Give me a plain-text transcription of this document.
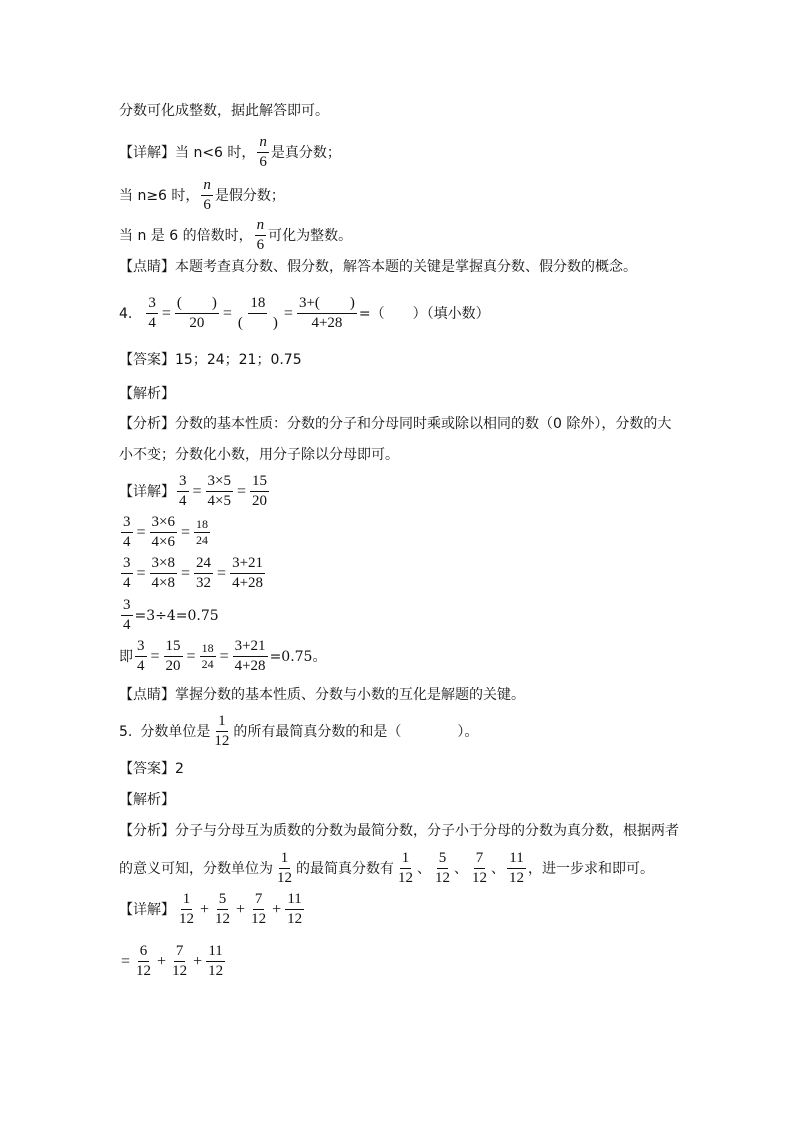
分数可化成整数，据此解答即可。
【详解】 当 n<6 时， $\frac{n}{6}$ 是真分数；
当 n≥6 时， $\frac{n}{6}$ 是假分数；
当 n 是 6 的倍数时， $\frac{n}{6}$ 可化为整数。
【点睛】本题考查真分数、假分数，解答本题的关键是掌握真分数、假分数的概念。
4. $\frac{3}{4} = \frac{( )}{20} = \frac{18}{( )} = \frac{3+( )}{4+28}$ =（　　）（填小数）
【答案】15；24；21；0.75
【解析】
【分析】分数的基本性质：分数的分子和分母同时乘或除以相同的数（0 除外），分数的大
小不变；分数化小数，用分子除以分母即可。
【详解】 $\frac{3}{4} = \frac{3\times 5}{4\times 5} = \frac{15}{20}$
$\frac{3}{4} = \frac{3\times 6}{4\times 6} = \frac{18}{24}$
$\frac{3}{4} = \frac{3\times 8}{4\times 8} = \frac{24}{32} = \frac{3+21}{4+28}$
$\frac{3}{4} =3\div 4=0.75$
即 $\frac{3}{4} = \frac{15}{20} = \frac{18}{24} = \frac{3+21}{4+28} =0.75$。
【点睛】掌握分数的基本性质、分数与小数的互化是解题的关键。
5. 分数单位是 $\frac{1}{12}$ 的所有最简真分数的和是（　　　　）。
【答案】2
【解析】
【分析】分子与分母互为质数的分数为最简分数，分子小于分母的分数为真分数，根据两者
的意义可知，分数单位为 $\frac{1}{12}$ 的最简真分数有 $\frac{1}{12}$ 、 $\frac{5}{12}$ 、 $\frac{7}{12}$ 、 $\frac{11}{12}$ ，进一步求和即可。
【详解】 $\frac{1}{12} + \frac{5}{12} + \frac{7}{12} + \frac{11}{12}$
= $\frac{6}{12} + \frac{7}{12} + \frac{11}{12}$
